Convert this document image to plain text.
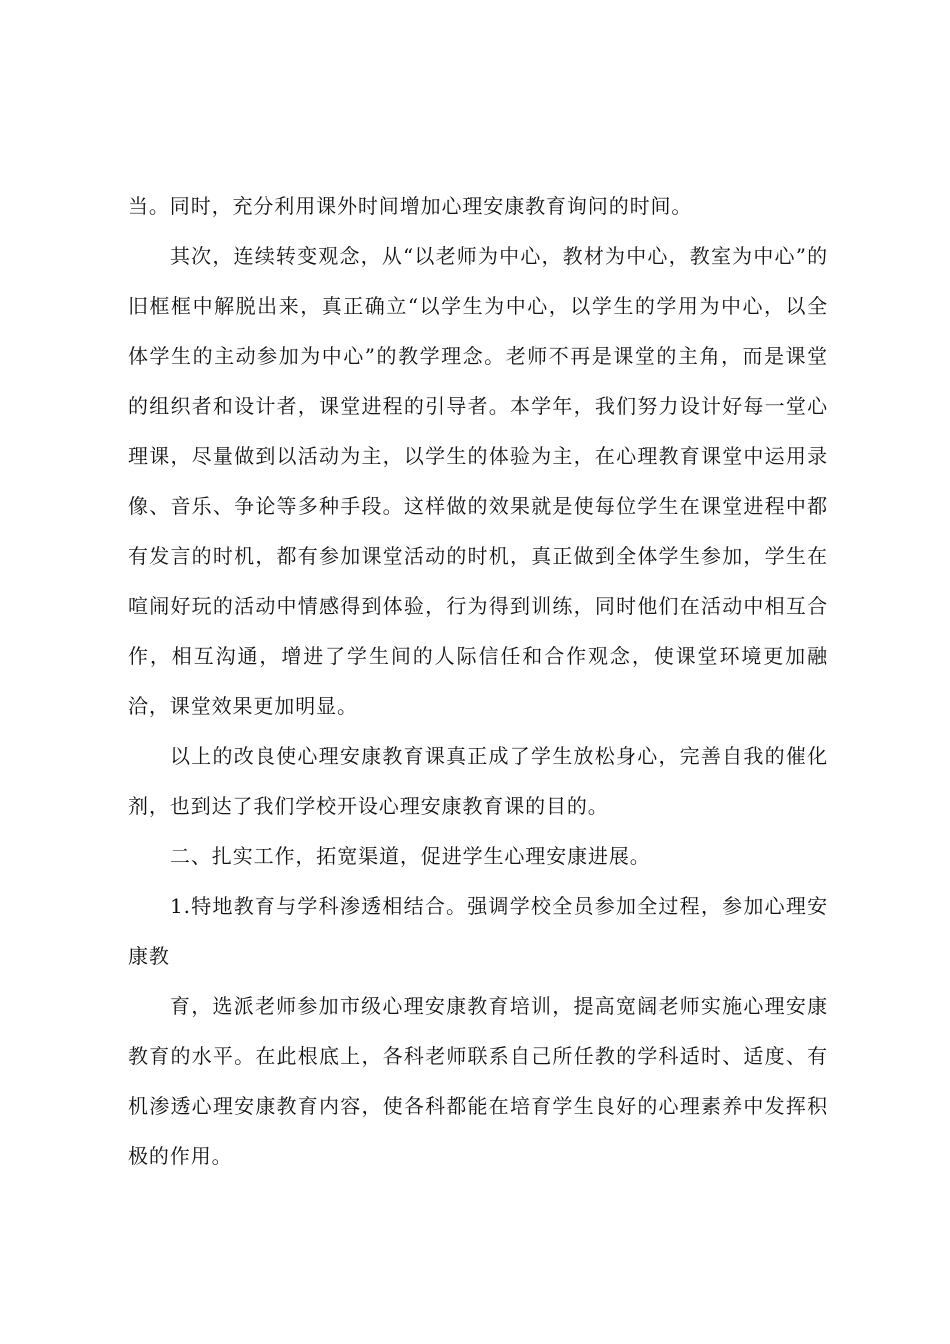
当。同时，充分利用课外时间增加心理安康教育询问的时间。

其次，连续转变观念，从“以老师为中心，教材为中心，教室为中心”的旧框框中解脱出来，真正确立“以学生为中心，以学生的学用为中心，以全体学生的主动参加为中心”的教学理念。老师不再是课堂的主角，而是课堂的组织者和设计者，课堂进程的引导者。本学年，我们努力设计好每一堂心理课，尽量做到以活动为主，以学生的体验为主，在心理教育课堂中运用录像、音乐、争论等多种手段。这样做的效果就是使每位学生在课堂进程中都有发言的时机，都有参加课堂活动的时机，真正做到全体学生参加，学生在喧闹好玩的活动中情感得到体验，行为得到训练，同时他们在活动中相互合作，相互沟通，增进了学生间的人际信任和合作观念，使课堂环境更加融洽，课堂效果更加明显。

以上的改良使心理安康教育课真正成了学生放松身心，完善自我的催化剂，也到达了我们学校开设心理安康教育课的目的。

二、扎实工作，拓宽渠道，促进学生心理安康进展。

1.特地教育与学科渗透相结合。强调学校全员参加全过程，参加心理安康教

育，选派老师参加市级心理安康教育培训，提高宽阔老师实施心理安康教育的水平。在此根底上，各科老师联系自己所任教的学科适时、适度、有机渗透心理安康教育内容，使各科都能在培育学生良好的心理素养中发挥积极的作用。
